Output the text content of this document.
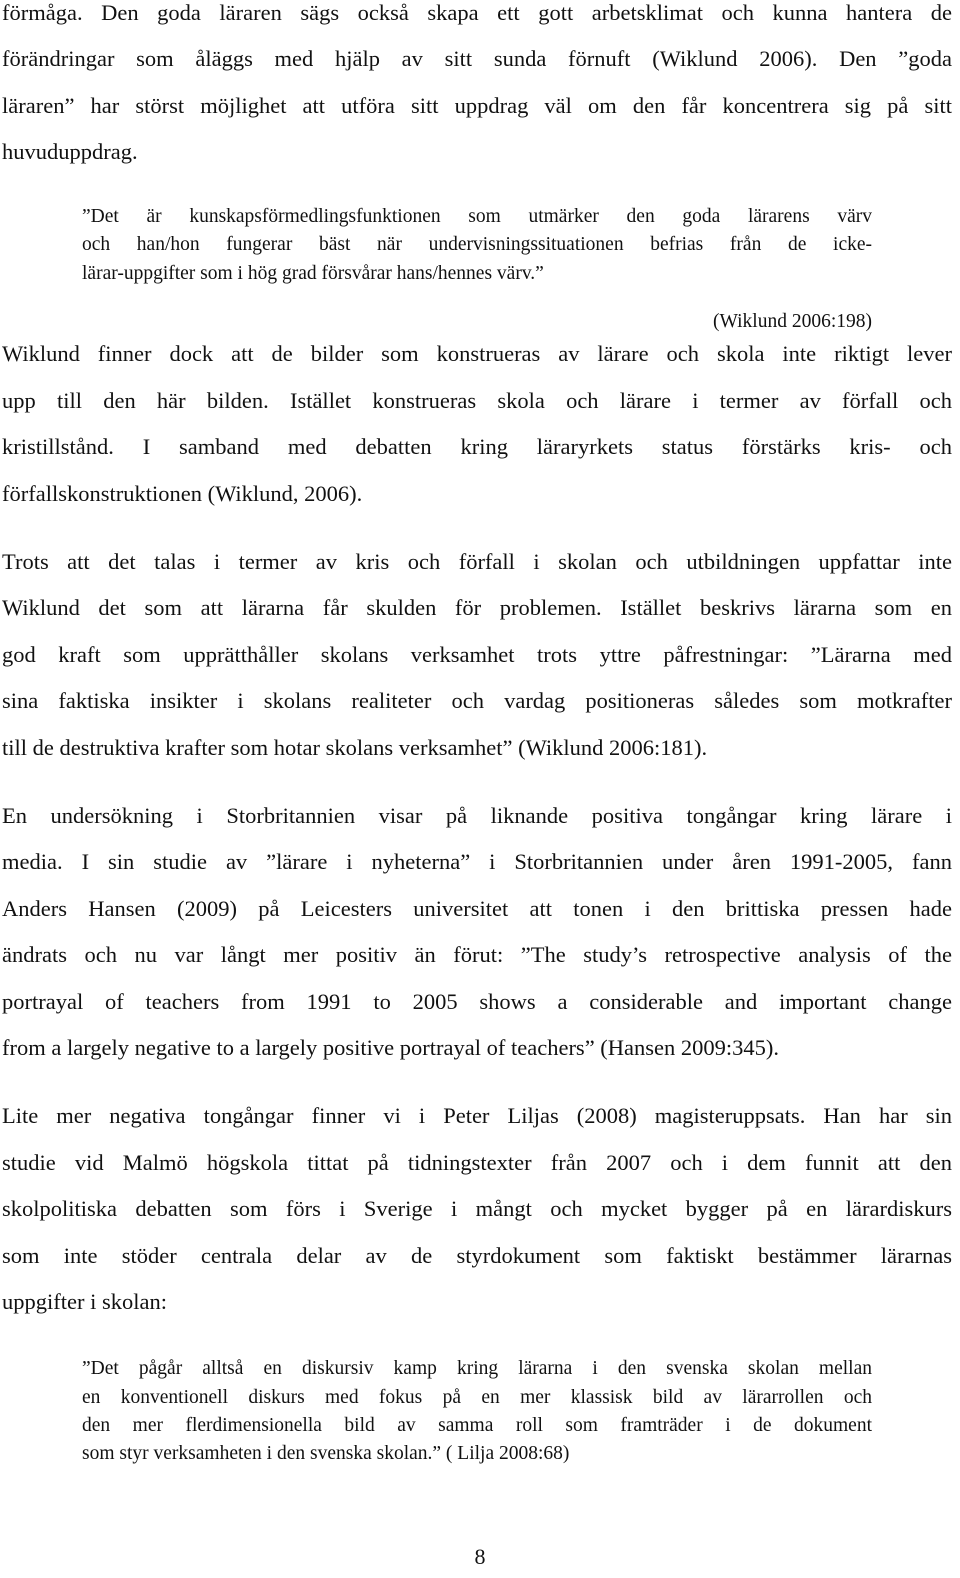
förmåga. Den goda läraren sägs också skapa ett gott arbetsklimat och kunna hantera de

förändringar som åläggs med hjälp av sitt sunda förnuft (Wiklund 2006). Den ”goda

läraren” har störst möjlighet att utföra sitt uppdrag väl om den får koncentrera sig på sitt

huvuduppdrag.

”Det är kunskapsförmedlingsfunktionen som utmärker den goda lärarens värv

och han/hon fungerar bäst när undervisningssituationen befrias från de icke-

lärar-uppgifter som i hög grad försvårar hans/hennes värv.”

(Wiklund 2006:198)

Wiklund finner dock att de bilder som konstrueras av lärare och skola inte riktigt lever

upp till den här bilden. Istället konstrueras skola och lärare i termer av förfall och

kristillstånd. I samband med debatten kring läraryrkets status förstärks kris- och

förfallskonstruktionen (Wiklund, 2006).

Trots att det talas i termer av kris och förfall i skolan och utbildningen uppfattar inte

Wiklund det som att lärarna får skulden för problemen. Istället beskrivs lärarna som en

god kraft som upprätthåller skolans verksamhet trots yttre påfrestningar: ”Lärarna med

sina faktiska insikter i skolans realiteter och vardag positioneras således som motkrafter

till de destruktiva krafter som hotar skolans verksamhet” (Wiklund 2006:181).

En undersökning i Storbritannien visar på liknande positiva tongångar kring lärare i

media. I sin studie av ”lärare i nyheterna” i Storbritannien under åren 1991-2005, fann

Anders Hansen (2009) på Leicesters universitet att tonen i den brittiska pressen hade

ändrats och nu var långt mer positiv än förut: ”The study’s retrospective analysis of the

portrayal of teachers from 1991 to 2005 shows a considerable and important change

from a largely negative to a largely positive portrayal of teachers” (Hansen 2009:345).

Lite mer negativa tongångar finner vi i Peter Liljas (2008) magisteruppsats. Han har sin

studie vid Malmö högskola tittat på tidningstexter från 2007 och i dem funnit att den

skolpolitiska debatten som förs i Sverige i mångt och mycket bygger på en lärardiskurs

som inte stöder centrala delar av de styrdokument som faktiskt bestämmer lärarnas

uppgifter i skolan:

”Det pågår alltså en diskursiv kamp kring lärarna i den svenska skolan mellan

en konventionell diskurs med fokus på en mer klassisk bild av lärarrollen och

den mer flerdimensionella bild av samma roll som framträder i de dokument

som styr verksamheten i den svenska skolan.” ( Lilja 2008:68)

8
